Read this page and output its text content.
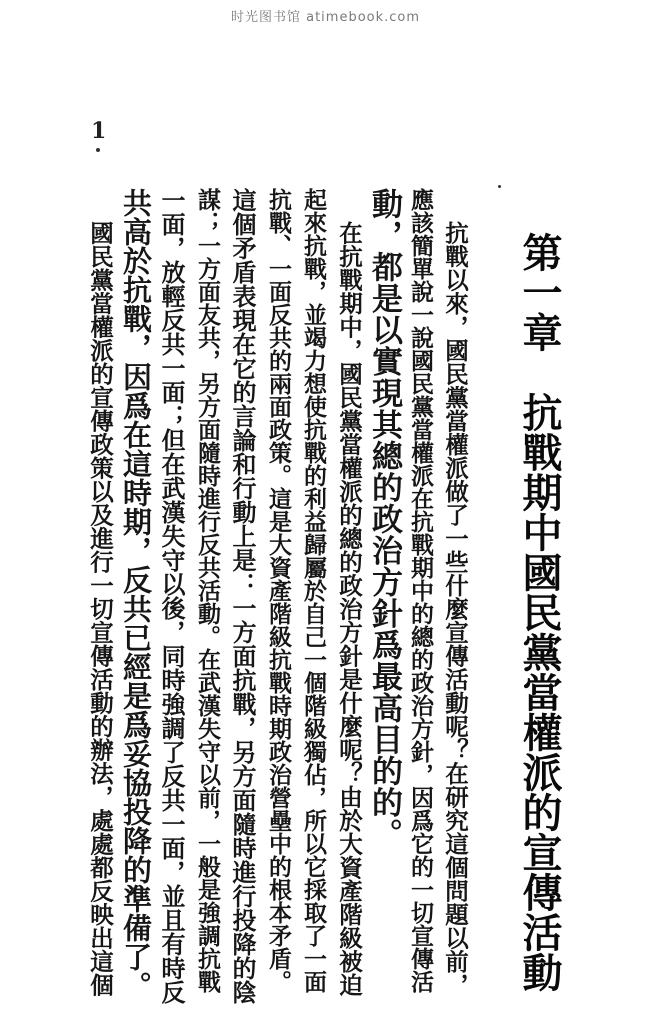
时光图书馆 atimebook.com
1
第一章抗戰期中國民黨當權派的宣傳活動
抗戰以來，國民黨當權派做了一些什麼宣傳活動呢？在研究這個問題以前，
應該簡單說一說國民黨當權派在抗戰期中的總的政治方針，因爲它的一切宣傳活
動，都是以實現其總的政治方針爲最高目的的。
在抗戰期中，國民黨當權派的總的政治方針是什麼呢？由於大資產階級被迫
起來抗戰，並竭力想使抗戰的利益歸屬於自己一個階級獨佔，所以它採取了一面
抗戰、一面反共的兩面政策。這是大資產階級抗戰時期政治營壘中的根本矛盾。
這個矛盾表現在它的言論和行動上是：一方面抗戰，另方面隨時進行投降的陰
謀；一方面友共，另方面隨時進行反共活動。在武漢失守以前，一般是強調抗戰
一面，放輕反共一面；但在武漢失守以後，同時強調了反共一面，並且有時反
共高於抗戰，因爲在這時期，反共已經是爲妥協投降的準備了。
國民黨當權派的宣傳政策以及進行一切宣傳活動的辦法，處處都反映出這個
